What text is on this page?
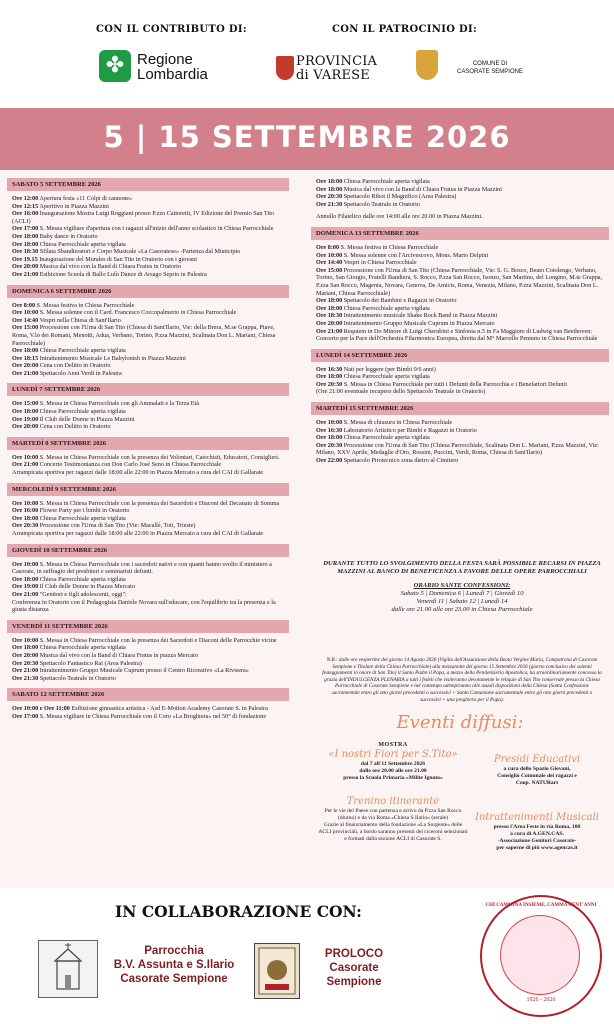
CON IL CONTRIBUTO DI:	CON IL PATROCINIO DI:
✤ Regione
Lombardia
PROVINCIA
di VARESE
COMUNE DI
CASORATE SEMPIONE
5 | 15 SETTEMBRE 2026
SABATO 5 SETTEMBRE 2026
Ore 12:00 Apertura festa «11 Colpi di cannone»
Ore 12:15 Aperitivo in Piazza Mazzini
Ore 16:00 Inaugurazione Mostra Luigi Roggiani presso P.zzo Cattoretti, IV Edizione del Premio San Tito (ACLI)
Ore 17:00 S. Messa vigiliare d'apertura con i ragazzi all'inizio dell'anno scolastico in Chiesa Parrocchiale
Ore 18:00 Baby dance in Oratorio
Ore 18:00 Chiesa Parrocchiale aperta vigilata
Ore 18:30 Sfilata Sbandieratori e Corpo Musicale «La Casoratese» -Partenza dal Municipio
Ore 19.15 Inaugurazione del Murales di San Tito in Oratorio con i giovani
Ore 20:00 Musica dal vivo con la Band di Chiara Fratus in Oratorio
Ore 21:00 Esibizione Scuola di Ballo Lulù Dance di Arsago Seprio in Palestra
DOMENICA 6 SETTEMBRE 2026
Ore 8:00 S. Messa festiva in Chiesa Parrocchiale
Ore 10:00 S. Messa solenne con il Card. Francesco Coccopalmerio in Chiesa Parrocchiale
Ore 14:40 Vespri nella Chiesa di Sant'Ilario
Ore 15:00 Processione con l'Urna di San Tito (Chiesa di Sant'Ilario, Vie: della Brera, M.se Grappa, Piave, Roma, V.lo dei Romani, Menotti, Adua, Verbano, Torino, P.zza Mazzini, Scalinata Don L. Mariani, Chiesa Parrocchiale)
Ore 18:00 Chiesa Parrocchiale aperta vigilata
Ore 18:15 Intrattenimento Musicale Le Babylonish in Piazza Mazzini
Ore 20:00 Cena con Delitto in Oratorio
Ore 21:00 Spettacolo Anni Verdi in Palestra
LUNEDÌ 7 SETTEMBRE 2026
Ore 15:00 S. Messa in Chiesa Parrocchiale con gli Ammalati e la Terza Età
Ore 18:00 Chiesa Parrocchiale aperta vigilata
Ore 19:00 Il Club delle Donne in Piazza Mazzini
Ore 20:00 Cena con Delitto in Oratorio
MARTEDÌ 8 SETTEMBRE 2026
Ore 10:00 S. Messa in Chiesa Parrocchiale con la presenza dei Volontari, Catechisti, Educatori, Consiglieri.
Ore 21:00 Concerto Testimonianza con Don Carlo José Seno in Chiesa Parrocchiale
Arrampicata sportiva per ragazzi dalle 18:00 alle 22:00 in Piazza Mercato a cura del CAI di Gallarate
MERCOLEDÌ 9 SETTEMBRE 2026
Ore 10:00 S. Messa in Chiesa Parrocchiale con la presenza dei Sacerdoti e Diaconi del Decanato di Somma
Ore 16:00 Flower Party per i bimbi in Oratorio
Ore 18:00 Chiesa Parrocchiale aperta vigilata
Ore 20:30 Processione con l'Urna di San Tito (Vie: Macallè, Toti, Trieste)
Arrampicata sportiva per ragazzi dalle 18:00 alle 22:00 in Piazza Mercato a cura del CAI di Gallarate
GIOVEDÌ 10 SETTEMBRE 2026
Ore 10:00 S. Messa in Chiesa Parrocchiale con i sacerdoti nativi e con quanti hanno svolto il ministero a Casorate, in suffragio dei presbiteri e seminaristi defunti.
Ore 18:00 Chiesa Parrocchiale aperta vigilata
Ore 19:00 Il Club delle Donne in Piazza Mercato
Ore 21:00 "Genitori e figli adolescenti, oggi":
Conferenza in Oratorio con il Pedagogista Daniele Novara sull'educare, con l'equilibrio tra la presenza e la giusta distanza
VENERDÌ 11 SETTEMBRE 2026
Ore 10:00 S. Messa in Chiesa Parrocchiale con la presenza dei Sacerdoti e Diaconi delle Parrocchie vicine
Ore 18:00 Chiesa Parrocchiale aperta vigilata
Ore 20:00 Musica dal vivo con la Band di Chiara Fratus in piazza Mercato
Ore 20:30 Spettacolo Fantastico Rai (Area Palestra)
Ore 21:00 Intrattenimento Gruppo Musicale Cuprum presso il Centro Ricreativo «La Rivisera»
Ore 21:30 Spettacolo Teatrale in Oratorio
SABATO 12 SETTEMBRE 2026
Ore 10:00 e Ore 11:00 Esibizione ginnastica artistica - Asd E-Motion Academy Casorate S. in Palestra
Ore 17:00 S. Messa vigiliare in Chiesa Parrocchiale con il Coro «La Broghiera» nel 50° di fondazione
Ore 18:00 Chiesa Parrocchiale aperta vigilata
Ore 18:00 Musica dal vivo con la Band di Chiara Fratus in Piazza Mazzini
Ore 20:30 Spettacolo Ribot il Magnifico (Area Palestra)
Ore 21:30 Spettacolo Teatrale in Oratorio
Annullo Filatelico dalle ore 14:00 alle ore 20.00 in Piazza Mazzini.
DOMENICA 13 SETTEMBRE 2026
Ore 8:00 S. Messa festiva in Chiesa Parrocchiale
Ore 10:00 S. Messa solenne con l'Arcivescovo, Mons. Mario Delpini
Ore 14:40 Vespri in Chiesa Parrocchiale
Ore 15:00 Processione con l'Urna di San Tito (Chiesa Parrocchiale, Vie: S. G. Bosco, Beato Cotolengo, Verbano, Torino, San Giorgio, Fratelli Bandiera, S. Rocco, P.zza San Rocco, Isonzo, San Martino, del Longino, M.te Grappa, P.zza San Rocco, Magenta, Novara, Genova, De Amicis, Roma, Venezia, Milano, P.zza Mazzini, Scalinata Don L. Mariani, Chiesa Parrocchiale)
Ore 18:00 Spettacolo dei Bambini e Ragazzi in Oratorio
Ore 18:00 Chiesa Parrocchiale aperta vigilata
Ore 18:30 Intrattenimento musicale Shake Rock Band in Piazza Mazzini
Ore 20:00 Intrattenimento Gruppo Musicale Cuprum in Piazza Mercato
Ore 21:00 Requiem in Do Minore di Luigi Cherubini e Sinfonia n.5 in Fa Maggiore di Ludwig van Beethoven: Concerto per la Pace dell'Orchestra Filarmonica Europea, diretta dal M° Marcello Pennuto in Chiesa Parrocchiale
LUNEDÌ 14 SETTEMBRE 2026
Ore 16:30 Nati per leggere (per Bimbi 0/6 anni)
Ore 18:00 Chiesa Parrocchiale aperta vigilata
Ore 20:30 S. Messa in Chiesa Parrocchiale per tutti i Defunti della Parrocchia e i Benefattori Defunti
(Ore 21:00 eventuale recupero dello Spettacolo Teatrale in Oratorio)
MARTEDÌ 15 SETTEMBRE 2026
Ore 10:00 S. Messa di chiusura in Chiesa Parrocchiale
Ore 16:30 Laboratorio Artistico per Bimbi e Ragazzi in Oratorio
Ore 18:00 Chiesa Parrocchiale aperta vigilata
Ore 20:30 Processione con l'Urna di San Tito (Chiesa Parrocchiale, Scalinata Don L. Mariani, P.zza Mazzini, Vie: Milano, XXV Aprile, Medaglie d'Oro, Rossini, Puccini, Verdi, Roma, Chiesa di Sant'Ilario)
Ore 22:00 Spettacolo Pirotecnico zona dietro al Cimitero
DURANTE TUTTO LO SVOLGIMENTO DELLA FESTA SARÀ POSSIBILE RECARSI IN PIAZZA MAZZINI AL BANCO DI BENEFICENZA A FAVORE DELLE OPERE PARROCCHIALI
ORARIO SANTE CONFESSIONI:
Sabato 5 | Domenica 6 | Lunedì 7 | Giovedì 10
Venerdì 11 | Sabato 12 | Lunedì 14
dalle ore 21.00 alle ore 23.00 in Chiesa Parrocchiale
N.B.: dalle ore vespertine del giorno 14 Agosto 2026 (Vigilia dell'Assunzione della Beata Vergine Maria, Compatrona di Casorate Sempione e Titolare della Chiesa Parrocchiale) alla mezzanotte del giorno 15 Settembre 2026 (giorno conclusivo dei solenni festeggiamenti in onore di San Tito) il Santo Padre il Papa, a mezzo della Penitenzieria Apostolica, ha straordinariamente concesso la grazia dell'INDULGENZA PLENARIA a tutti i fedeli che visiteranno devotamente le reliquie di San Tito conservate presso la Chiesa Parrocchiale di Casorate Sempione e nel contempo adempiranno alle usuali disposizioni della Chiesa (Santa Confessione sacramentale entro gli otto giorni precedenti o successivi + Santa Comunione sacramentale entro gli otto giorni precedenti o successivi + una preghiera per il Papa).
Eventi diffusi:
MOSTRA
«I nostri Fiori per S.Tito»
dal 7 all'11 Settembre 2026
dalle ore 20.00 alle ore 21.00
presso la Scuola Primaria «Milite Ignoto»
Trenino itinerante
Per le vie del Paese con partenza e arrivo da P.zza San Rocco (diurno) e da via Roma «Chiesa S.Ilario» (serale)
Grazie al finanziamento della fondazione «La Sorgente» delle ACLI provinciali, a bordo saranno presenti dei ciceroni selezionati e formati dalla sezione ACLI di Casorate S.
Presidi Educativi
a cura dello Spazio Giovani,
Consiglio Comunale dei ragazzi e
Coop. NATURart
Intrattenimenti Musicali
presso l'Area Feste in via Roma, 100
a cura di A.GEN.CAS.
-Associazione Genitori Casorate-
per saperne di più www.agencas.it
IN COLLABORAZIONE CON:
Parrocchia
B.V. Assunta e S.Ilario
Casorate Sempione
PROLOCO
Casorate Sempione
CHI CAMMINA INSIEME, CAMMA CENT'ANNI
1926 - 2026
